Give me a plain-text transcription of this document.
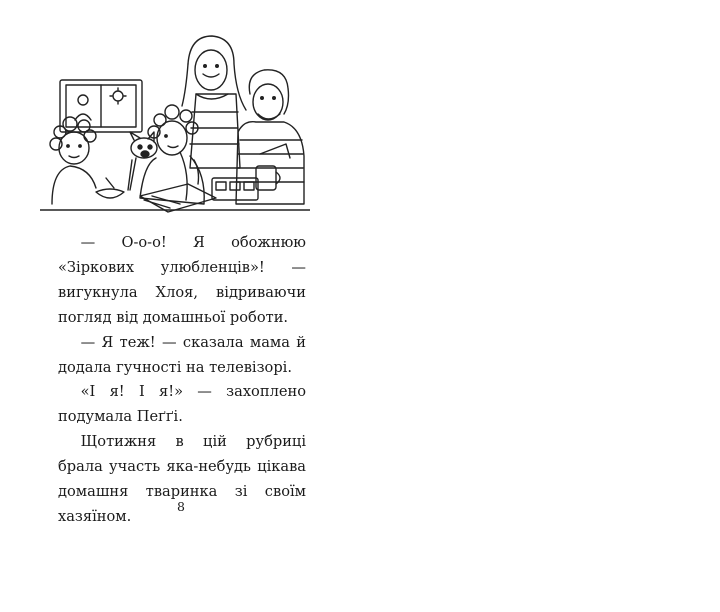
— О-о-о! Я обожнюю «Зіркових улюбленців»! — вигукнула Хлоя, відриваючи погляд від домашньої роботи.

— Я теж! — сказала мама й додала гучності на телевізорі.

«І я! І я!» — захоплено подумала Пеґґі.

Щотижня в цій рубриці брала участь яка-небудь цікава домашня тваринка зі своїм хазяїном.

8
